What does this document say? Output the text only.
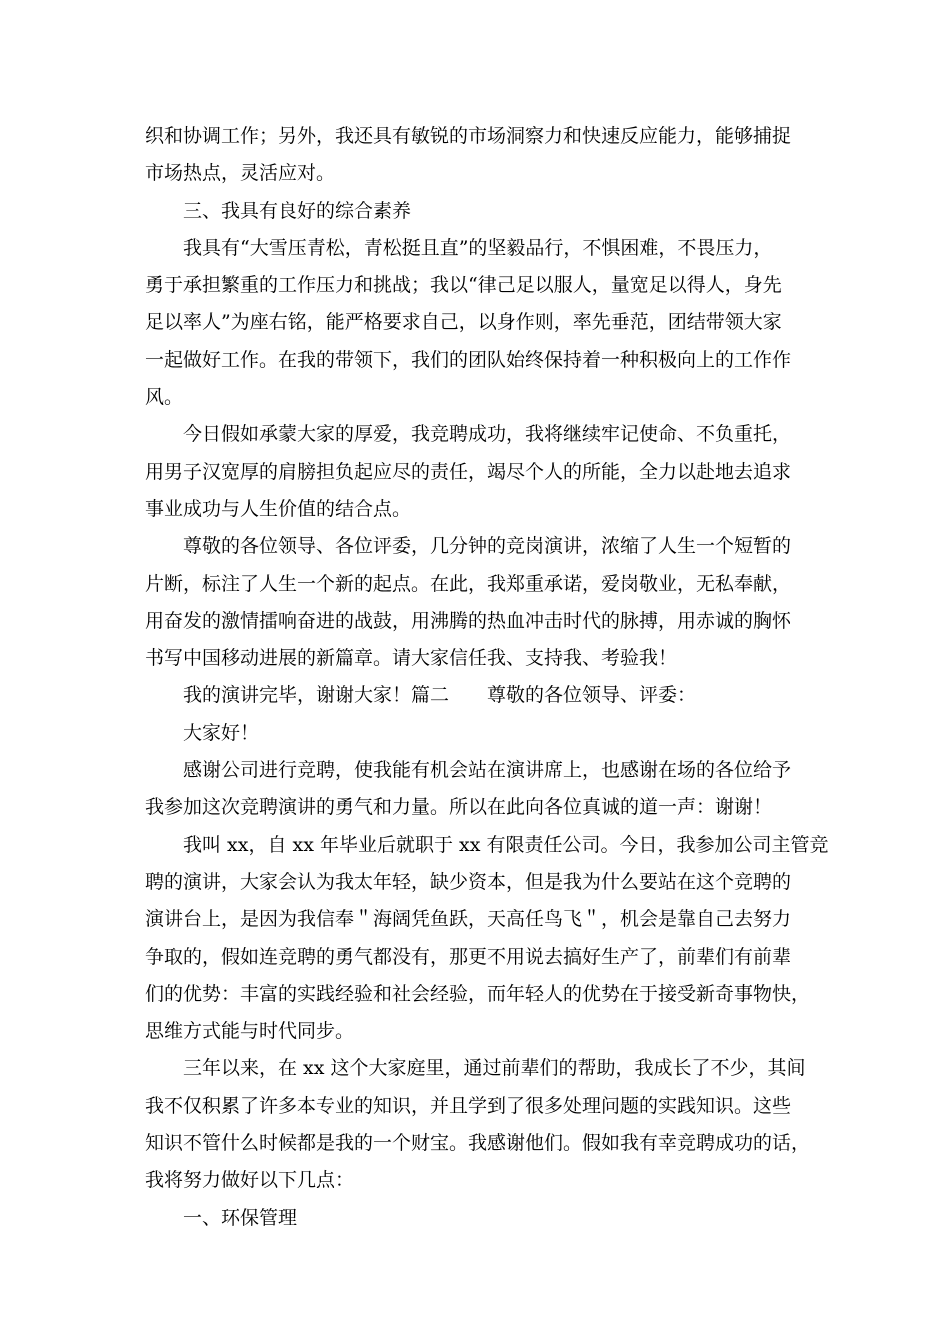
织和协调工作；另外，我还具有敏锐的市场洞察力和快速反应能力，能够捕捉
市场热点，灵活应对。
三、我具有良好的综合素养
我具有“大雪压青松，青松挺且直”的坚毅品行，不惧困难，不畏压力，
勇于承担繁重的工作压力和挑战；我以“律己足以服人，量宽足以得人，身先
足以率人”为座右铭，能严格要求自己，以身作则，率先垂范，团结带领大家
一起做好工作。在我的带领下，我们的团队始终保持着一种积极向上的工作作
风。
今日假如承蒙大家的厚爱，我竞聘成功，我将继续牢记使命、不负重托，
用男子汉宽厚的肩膀担负起应尽的责任，竭尽个人的所能，全力以赴地去追求
事业成功与人生价值的结合点。
尊敬的各位领导、各位评委，几分钟的竞岗演讲，浓缩了人生一个短暂的
片断，标注了人生一个新的起点。在此，我郑重承诺，爱岗敬业，无私奉献，
用奋发的激情擂响奋进的战鼓，用沸腾的热血冲击时代的脉搏，用赤诚的胸怀
书写中国移动进展的新篇章。请大家信任我、支持我、考验我！
我的演讲完毕，谢谢大家！篇二　　尊敬的各位领导、评委：
大家好！
感谢公司进行竞聘，使我能有机会站在演讲席上，也感谢在场的各位给予
我参加这次竞聘演讲的勇气和力量。所以在此向各位真诚的道一声：谢谢！
我叫 xx，自 xx 年毕业后就职于 xx 有限责任公司。今日，我参加公司主管竞
聘的演讲，大家会认为我太年轻，缺少资本，但是我为什么要站在这个竞聘的
演讲台上，是因为我信奉＂海阔凭鱼跃，天高任鸟飞＂，机会是靠自己去努力
争取的，假如连竞聘的勇气都没有，那更不用说去搞好生产了，前辈们有前辈
们的优势：丰富的实践经验和社会经验，而年轻人的优势在于接受新奇事物快，
思维方式能与时代同步。
三年以来，在 xx 这个大家庭里，通过前辈们的帮助，我成长了不少，其间
我不仅积累了许多本专业的知识，并且学到了很多处理问题的实践知识。这些
知识不管什么时候都是我的一个财宝。我感谢他们。假如我有幸竞聘成功的话，
我将努力做好以下几点：
一、环保管理
